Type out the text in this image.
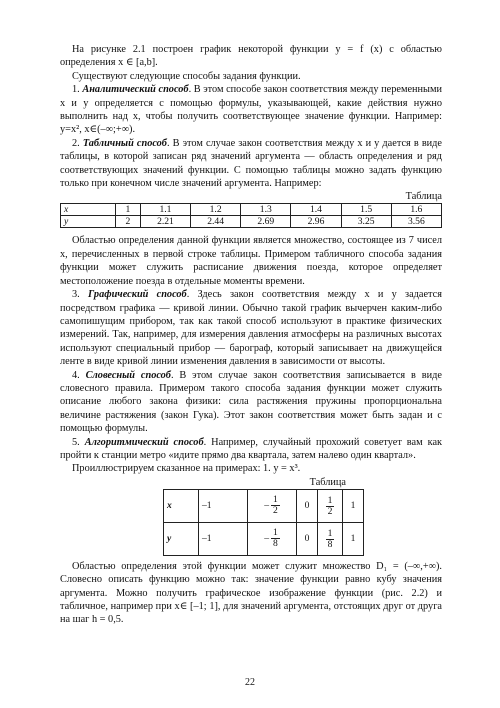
На рисунке 2.1 построен график некоторой функции y = f (x) с областью определения x ∈ [a,b].

Существуют следующие способы задания функции.

1. Аналитический способ. В этом способе закон соответствия между переменными x и y определяется с помощью формулы, указывающей, какие действия нужно выполнить над x, чтобы получить соответствующее значение функции. Например: y=x², x∈(–∞;+∞).

2. Табличный способ. В этом случае закон соответствия между x и y дается в виде таблицы, в которой записан ряд значений аргумента — область определения и ряд соответствующих значений функции. С помощью таблицы можно задать функцию только при конечном числе значений аргумента. Например:

Таблица
x	1	1.1	1.2	1.3	1.4	1.5	1.6
y	2	2.21	2.44	2.69	2.96	3.25	3.56

Областью определения данной функции является множество, состоящее из 7 чисел x, перечисленных в первой строке таблицы. Примером табличного способа задания функции может служить расписание движения поезда, которое определяет местоположение поезда в отдельные моменты времени.

3. Графический способ. Здесь закон соответствия между x и y задается посредством графика — кривой линии. Обычно такой график вычерчен каким-либо самопишущим прибором, так как такой способ используют в практике физических измерений. Так, например, для измерения давления атмосферы на различных высотах используют специальный прибор — барограф, который записывает на движущейся ленте в виде кривой линии изменения давления в зависимости от высоты.

4. Словесный способ. В этом случае закон соответствия записывается в виде словесного правила. Примером такого способа задания функции может служить описание любого закона физики: сила растяжения пружины пропорциональна величине растяжения (закон Гука). Этот закон соответствия может быть задан и с помощью формулы.

5. Алгоритмический способ. Например, случайный прохожий советует вам как пройти к станции метро «идите прямо два квартала, затем налево один квартал».

Проиллюстрируем сказанное на примерах: 1. y = x³.

Таблица
x	–1	– $\frac{1}{2}$	0	$\frac{1}{2}$	1
y	–1	– $\frac{1}{8}$	0	$\frac{1}{8}$	1

Областью определения этой функции может служит множество D₁ = (–∞,+∞). Словесно описать функцию можно так: значение функции равно кубу значения аргумента. Можно получить графическое изображение функции (рис. 2.2) и табличное, например при x∈ [–1; 1], для значений аргумента, отстоящих друг от друга на шаг h = 0,5.

22
